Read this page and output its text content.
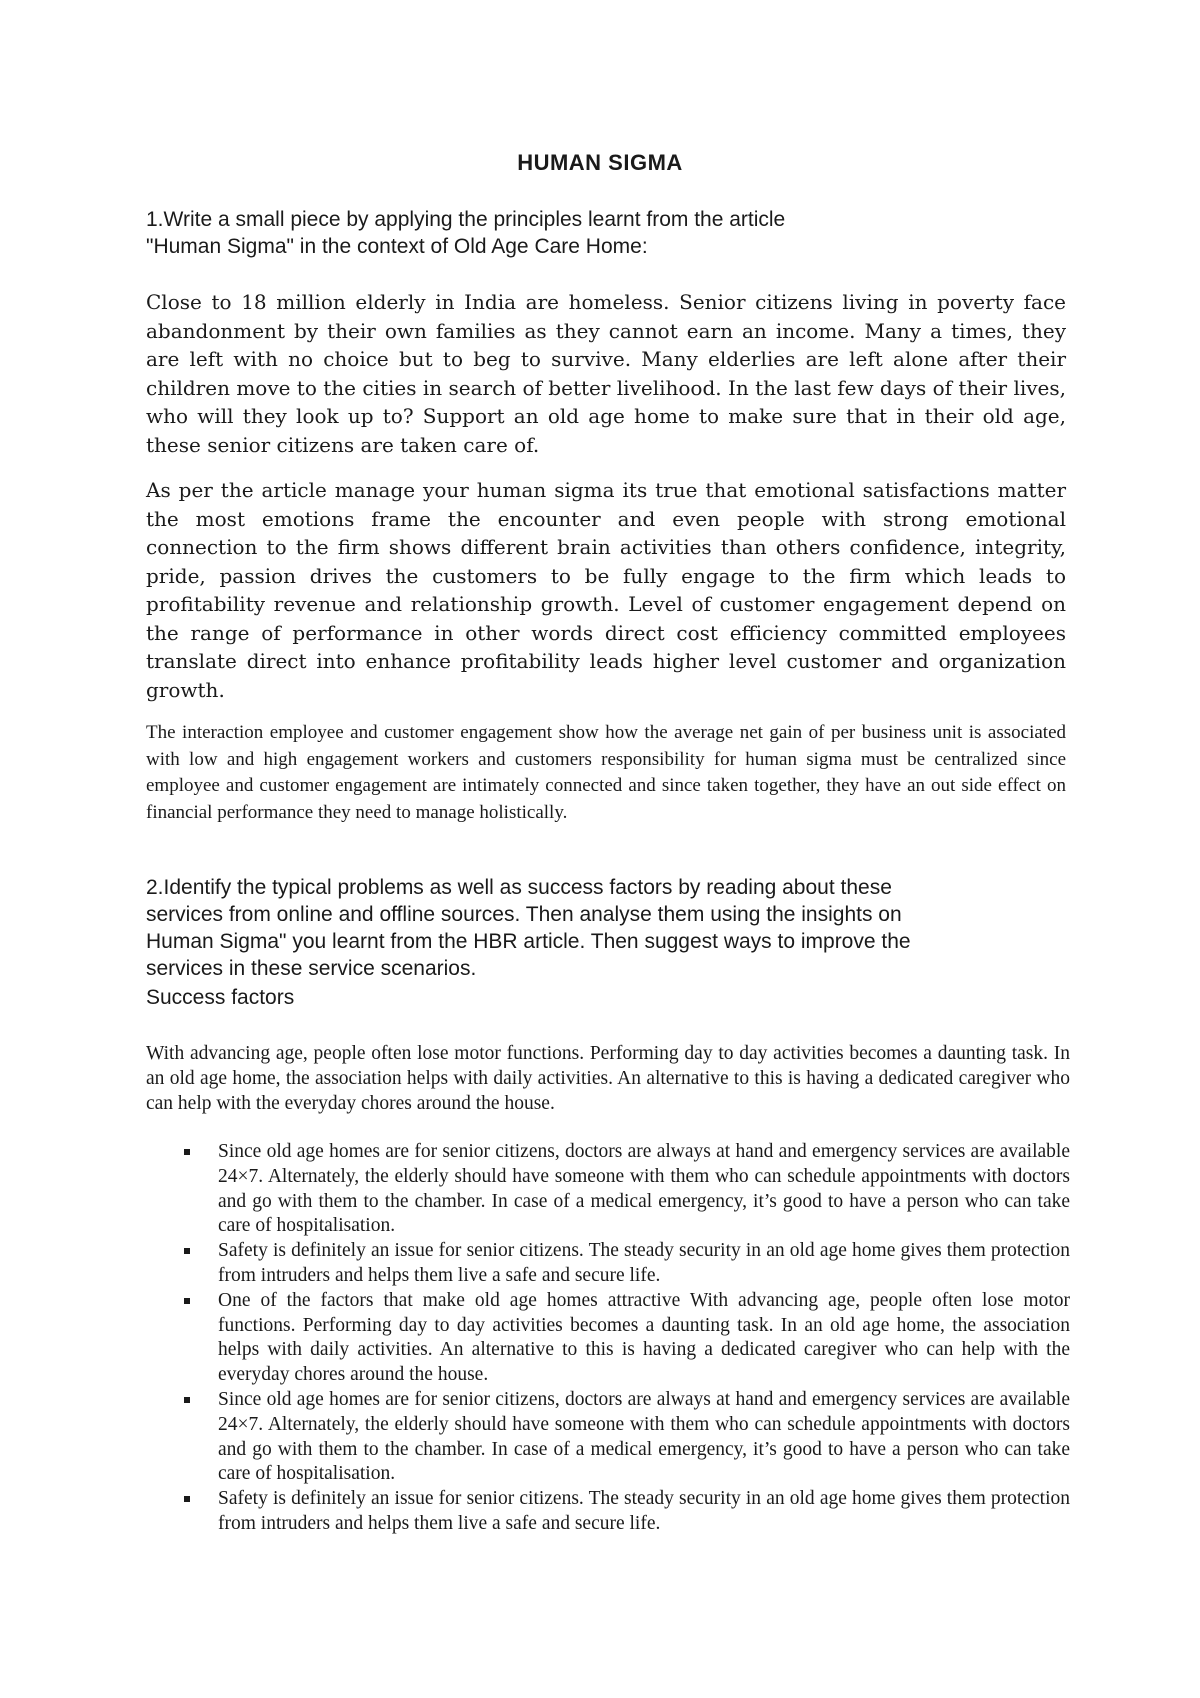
HUMAN SIGMA

1.Write a small piece by applying the principles learnt from the article
"Human Sigma" in the context of Old Age Care Home:

Close to 18 million elderly in India are homeless. Senior citizens living in poverty face abandonment by their own families as they cannot earn an income. Many a times, they are left with no choice but to beg to survive. Many elderlies are left alone after their children move to the cities in search of better livelihood. In the last few days of their lives, who will they look up to? Support an old age home to make sure that in their old age, these senior citizens are taken care of.

As per the article manage your human sigma its true that emotional satisfactions matter the most emotions frame the encounter and even people with strong emotional connection to the firm shows different brain activities than others confidence, integrity, pride, passion drives the customers to be fully engage to the firm which leads to profitability revenue and relationship growth. Level of customer engagement depend on the range of performance in other words direct cost efficiency committed employees translate direct into enhance profitability leads higher level customer and organization growth.

The interaction employee and customer engagement show how the average net gain of per business unit is associated with low and high engagement workers and customers responsibility for human sigma must be centralized since employee and customer engagement are intimately connected and since taken together, they have an out side effect on financial performance they need to manage holistically.

2.Identify the typical problems as well as success factors by reading about these
services from online and offline sources. Then analyse them using the insights on
Human Sigma" you learnt from the HBR article. Then suggest ways to improve the
services in these service scenarios.

Success factors

With advancing age, people often lose motor functions. Performing day to day activities becomes a daunting task. In an old age home, the association helps with daily activities. An alternative to this is having a dedicated caregiver who can help with the everyday chores around the house.

Since old age homes are for senior citizens, doctors are always at hand and emergency services are available 24×7. Alternately, the elderly should have someone with them who can schedule appointments with doctors and go with them to the chamber. In case of a medical emergency, it’s good to have a person who can take care of hospitalisation.
Safety is definitely an issue for senior citizens. The steady security in an old age home gives them protection from intruders and helps them live a safe and secure life.
One of the factors that make old age homes attractive With advancing age, people often lose motor functions. Performing day to day activities becomes a daunting task. In an old age home, the association helps with daily activities. An alternative to this is having a dedicated caregiver who can help with the everyday chores around the house.
Since old age homes are for senior citizens, doctors are always at hand and emergency services are available 24×7. Alternately, the elderly should have someone with them who can schedule appointments with doctors and go with them to the chamber. In case of a medical emergency, it’s good to have a person who can take care of hospitalisation.
Safety is definitely an issue for senior citizens. The steady security in an old age home gives them protection from intruders and helps them live a safe and secure life.
